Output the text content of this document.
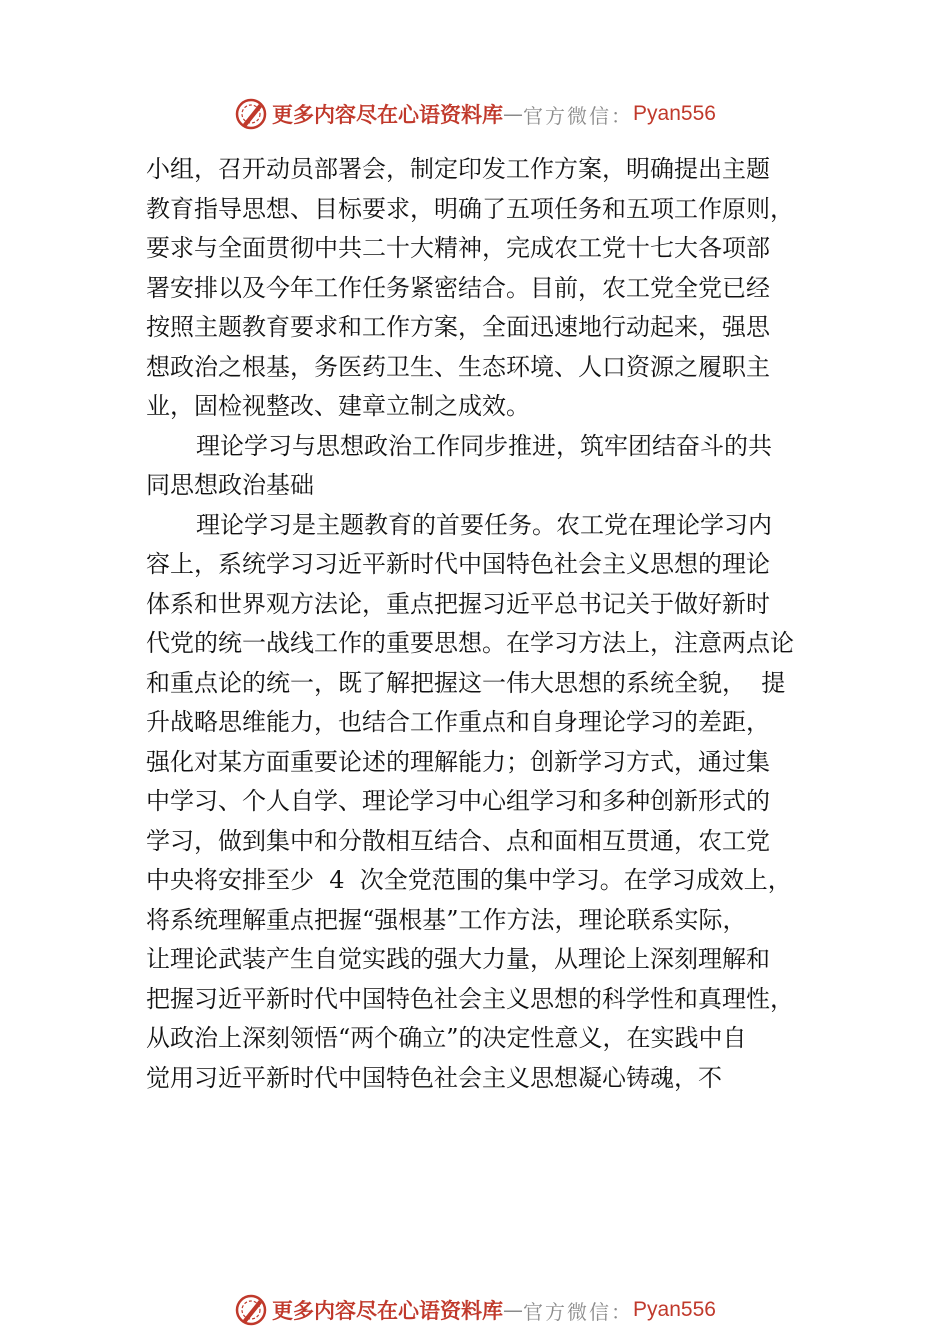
更多内容尽在心语资料库 — 官方微信： Pyan556
小组，召开动员部署会，制定印发工作方案，明确提出主题
教育指导思想、目标要求，明确了五项任务和五项工作原则，
要求与全面贯彻中共二十大精神，完成农工党十七大各项部
署安排以及今年工作任务紧密结合。目前，农工党全党已经
按照主题教育要求和工作方案，全面迅速地行动起来，强思
想政治之根基，务医药卫生、生态环境、人口资源之履职主
业，固检视整改、建章立制之成效。
理论学习与思想政治工作同步推进，筑牢团结奋斗的共
同思想政治基础
理论学习是主题教育的首要任务。农工党在理论学习内
容上，系统学习习近平新时代中国特色社会主义思想的理论
体系和世界观方法论，重点把握习近平总书记关于做好新时
代党的统一战线工作的重要思想。在学习方法上，注意两点论
和重点论的统一，既了解把握这一伟大思想的系统全貌，  提
升战略思维能力，也结合工作重点和自身理论学习的差距，
强化对某方面重要论述的理解能力；创新学习方式，通过集
中学习、个人自学、理论学习中心组学习和多种创新形式的
学习，做到集中和分散相互结合、点和面相互贯通，农工党
中央将安排至少  4  次全党范围的集中学习。在学习成效上，
将系统理解重点把握“强根基”工作方法，理论联系实际，
让理论武装产生自觉实践的强大力量，从理论上深刻理解和
把握习近平新时代中国特色社会主义思想的科学性和真理性，
从政治上深刻领悟“两个确立”的决定性意义，在实践中自
觉用习近平新时代中国特色社会主义思想凝心铸魂，不
更多内容尽在心语资料库 — 官方微信： Pyan556
